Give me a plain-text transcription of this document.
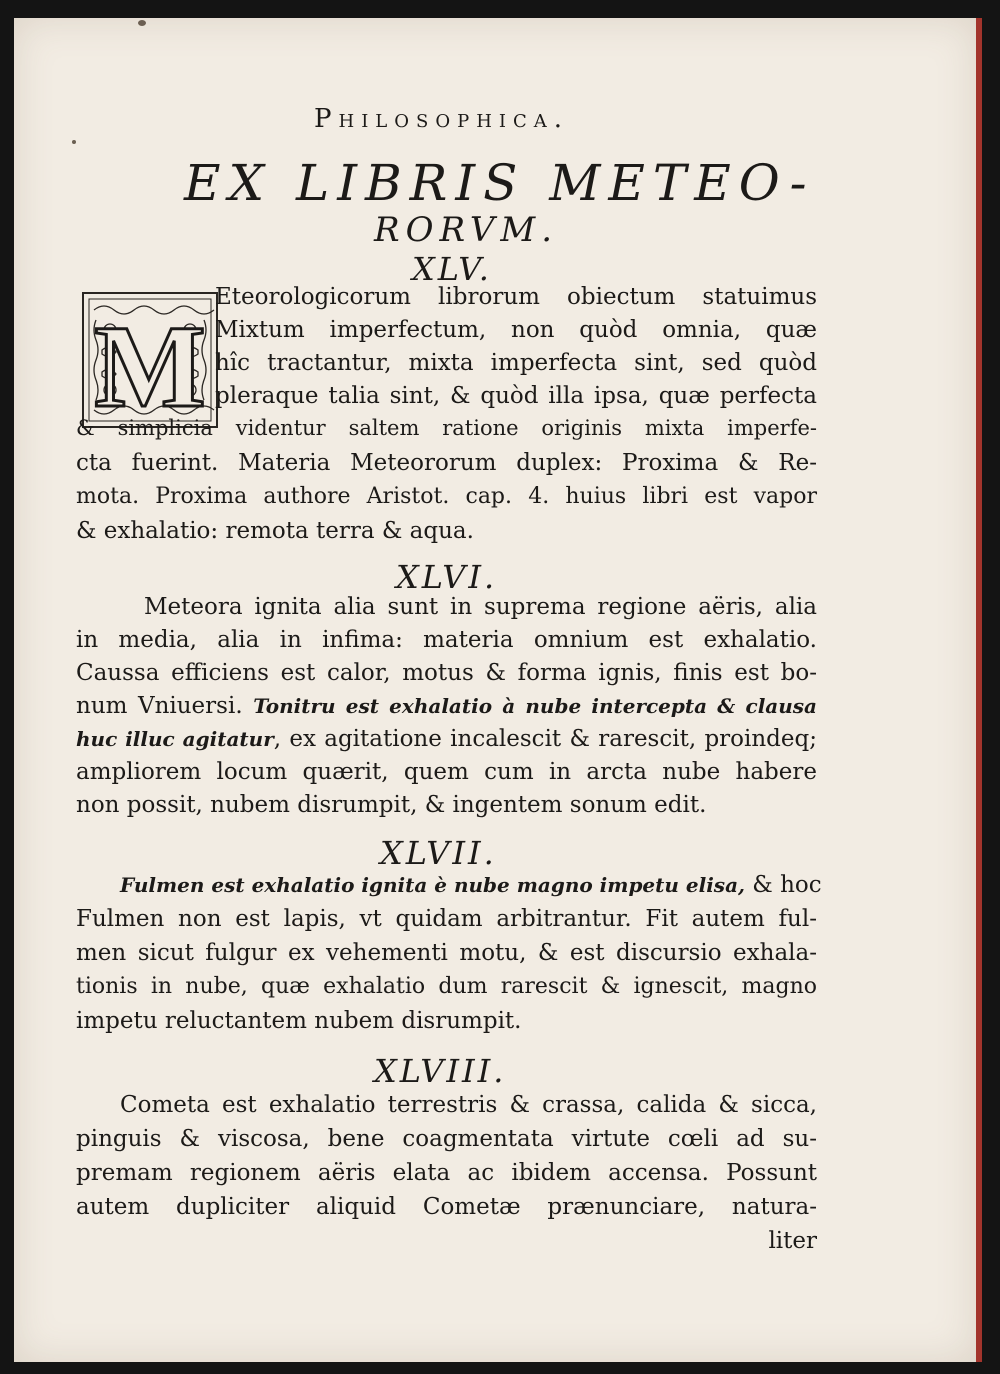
Philosophica.
EX LIBRIS METEO-
RORVM.
XLV.
M
Eteorologicorum librorum obiectum statuimus
Mixtum imperfectum, non quòd omnia, quæ
hîc tractantur, mixta imperfecta sint, sed quòd
pleraque talia sint, & quòd illa ipsa, quæ perfecta
& simplicia videntur saltem ratione originis mixta imperfe-
cta fuerint. Materia Meteororum duplex: Proxima & Re-
mota. Proxima authore Aristot. cap. 4. huius libri est vapor
& exhalatio: remota terra & aqua.
XLVI.
Meteora ignita alia sunt in suprema regione aëris, alia
in media, alia in infima: materia omnium est exhalatio.
Caussa efficiens est calor, motus & forma ignis, finis est bo-
num Vniuersi. Tonitru est exhalatio à nube intercepta & clausa
huc illuc agitatur, ex agitatione incalescit & rarescit, proindeq;
ampliorem locum quærit, quem cum in arcta nube habere
non possit, nubem disrumpit, & ingentem sonum edit.
XLVII.
Fulmen est exhalatio ignita è nube magno impetu elisa, & hoc
Fulmen non est lapis, vt quidam arbitrantur. Fit autem ful-
men sicut fulgur ex vehementi motu, & est discursio exhala-
tionis in nube, quæ exhalatio dum rarescit & ignescit, magno
impetu reluctantem nubem disrumpit.
XLVIII.
Cometa est exhalatio terrestris & crassa, calida & sicca,
pinguis & viscosa, bene coagmentata virtute cœli ad su-
premam regionem aëris elata ac ibidem accensa. Possunt
autem dupliciter aliquid Cometæ prænunciare, natura-
liter
